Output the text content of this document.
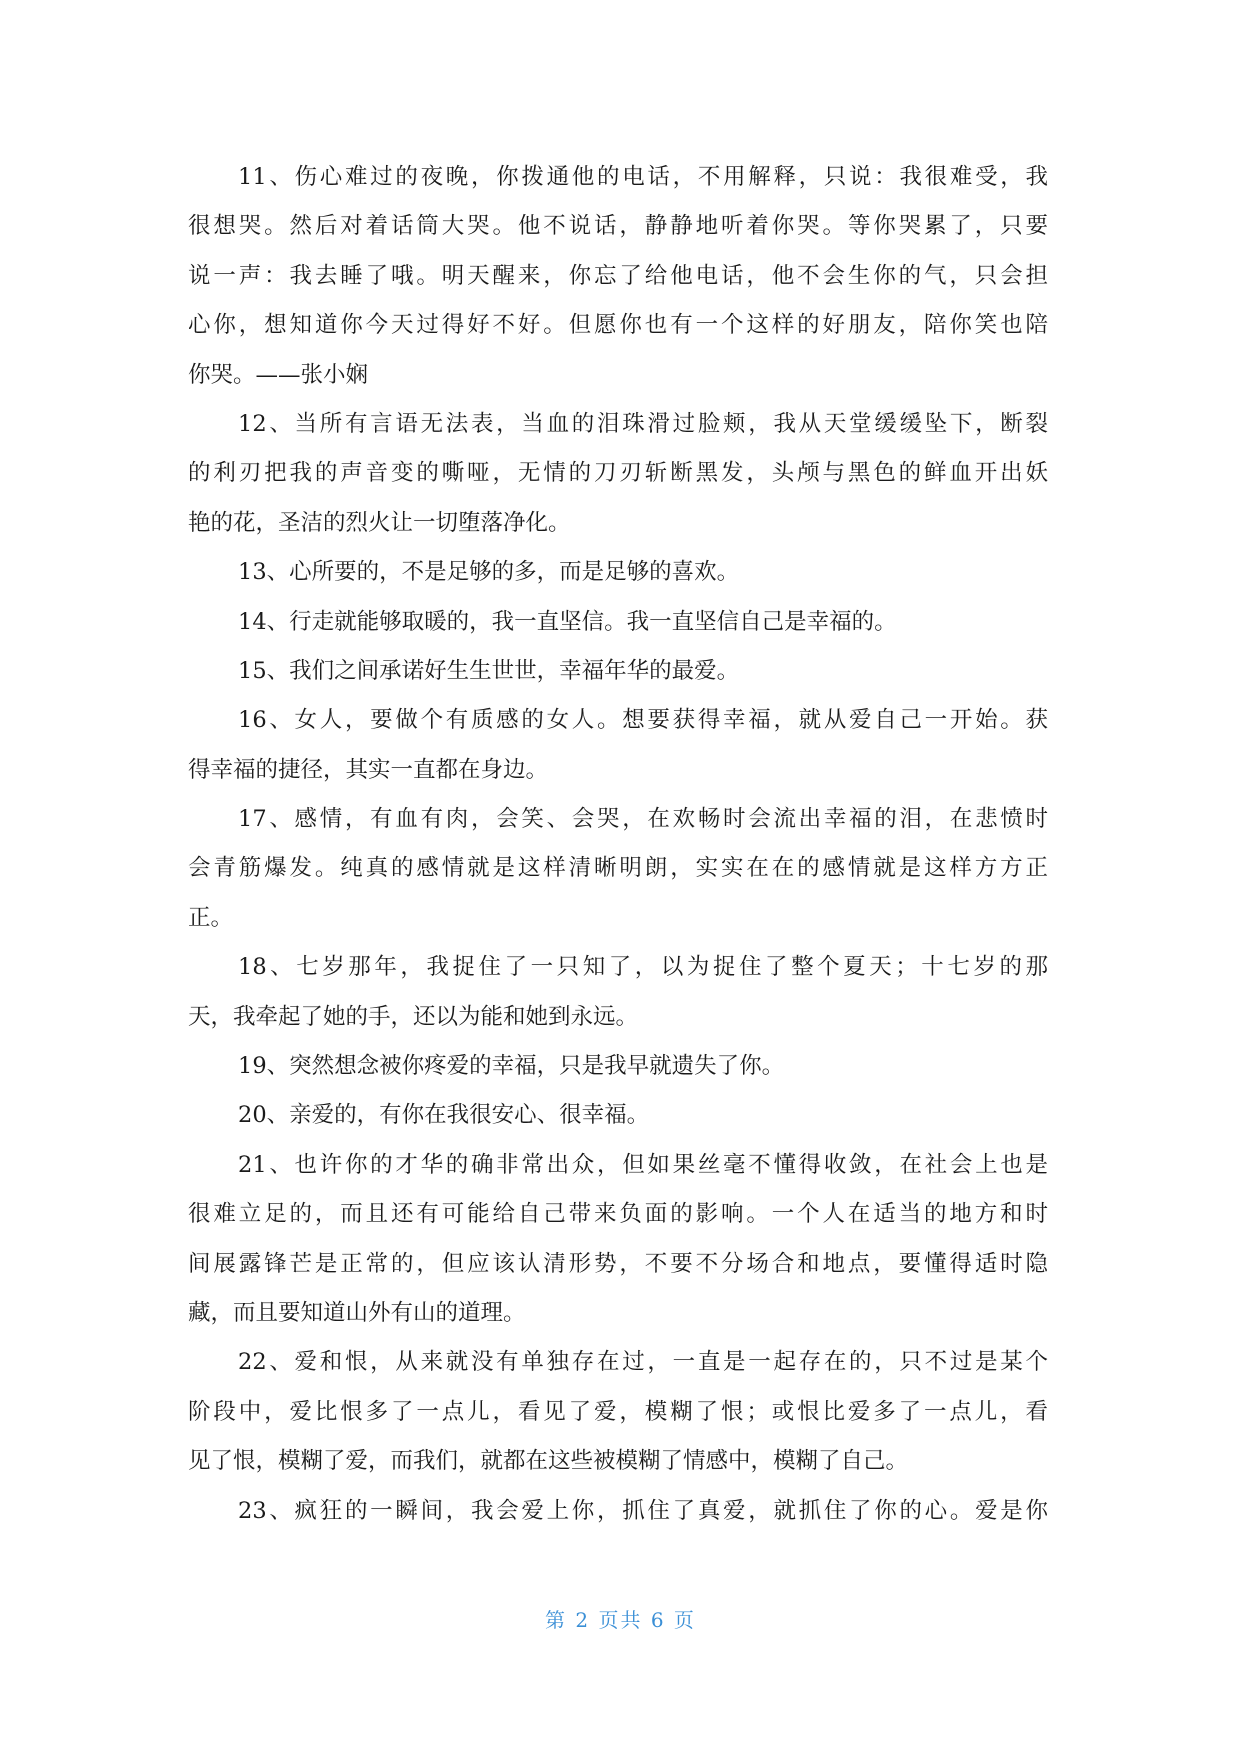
11、伤心难过的夜晚，你拨通他的电话，不用解释，只说：我很难受，我
很想哭。然后对着话筒大哭。他不说话，静静地听着你哭。等你哭累了，只要
说一声：我去睡了哦。明天醒来，你忘了给他电话，他不会生你的气，只会担
心你，想知道你今天过得好不好。但愿你也有一个这样的好朋友，陪你笑也陪
你哭。——张小娴
12、当所有言语无法表，当血的泪珠滑过脸颊，我从天堂缓缓坠下，断裂
的利刃把我的声音变的嘶哑，无情的刀刃斩断黑发，头颅与黑色的鲜血开出妖
艳的花，圣洁的烈火让一切堕落净化。
13、心所要的，不是足够的多，而是足够的喜欢。
14、行走就能够取暖的，我一直坚信。我一直坚信自己是幸福的。
15、我们之间承诺好生生世世，幸福年华的最爱。
16、女人，要做个有质感的女人。想要获得幸福，就从爱自己一开始。获
得幸福的捷径，其实一直都在身边。
17、感情，有血有肉，会笑、会哭，在欢畅时会流出幸福的泪，在悲愤时
会青筋爆发。纯真的感情就是这样清晰明朗，实实在在的感情就是这样方方正
正。
18、七岁那年，我捉住了一只知了，以为捉住了整个夏天；十七岁的那
天，我牵起了她的手，还以为能和她到永远。
19、突然想念被你疼爱的幸福，只是我早就遗失了你。
20、亲爱的，有你在我很安心、很幸福。
21、也许你的才华的确非常出众，但如果丝毫不懂得收敛，在社会上也是
很难立足的，而且还有可能给自己带来负面的影响。一个人在适当的地方和时
间展露锋芒是正常的，但应该认清形势，不要不分场合和地点，要懂得适时隐
藏，而且要知道山外有山的道理。
22、爱和恨，从来就没有单独存在过，一直是一起存在的，只不过是某个
阶段中，爱比恨多了一点儿，看见了爱，模糊了恨；或恨比爱多了一点儿，看
见了恨，模糊了爱，而我们，就都在这些被模糊了情感中，模糊了自己。
23、疯狂的一瞬间，我会爱上你，抓住了真爱，就抓住了你的心。爱是你
第 2 页共 6 页
